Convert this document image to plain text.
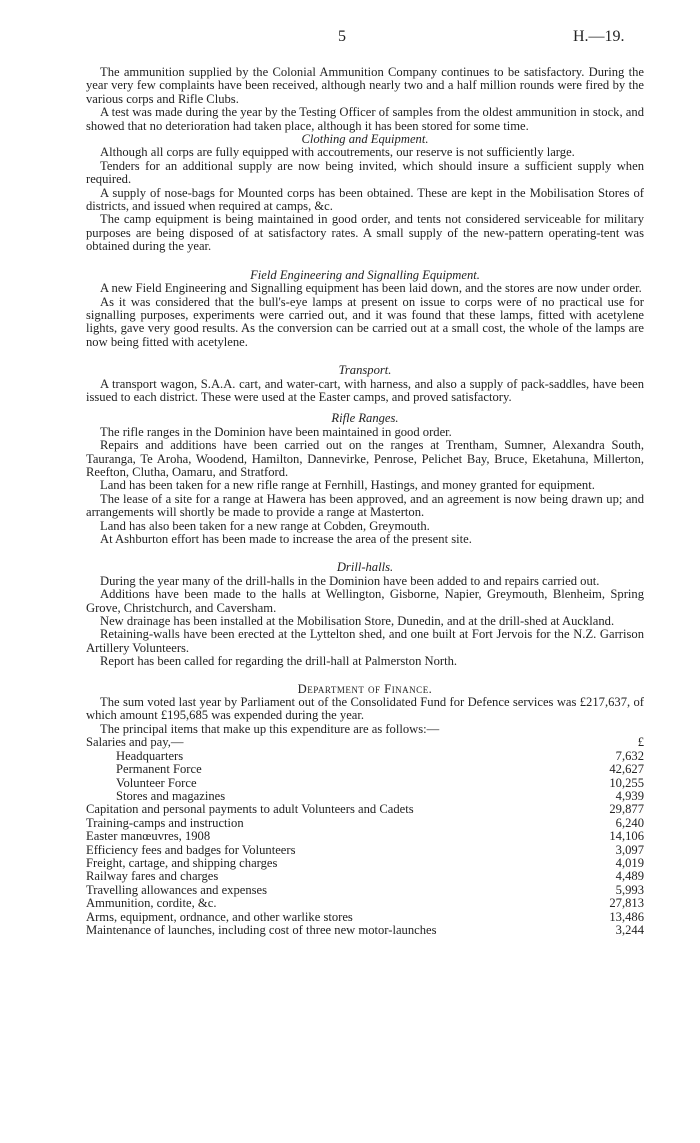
5	H.—19.

The ammunition supplied by the Colonial Ammunition Company continues to be satisfactory. During the year very few complaints have been received, although nearly two and a half million rounds were fired by the various corps and Rifle Clubs.

A test was made during the year by the Testing Officer of samples from the oldest ammunition in stock, and showed that no deterioration had taken place, although it has been stored for some time.

Clothing and Equipment.

Although all corps are fully equipped with accoutrements, our reserve is not sufficiently large.

Tenders for an additional supply are now being invited, which should insure a sufficient supply when required.

A supply of nose-bags for Mounted corps has been obtained. These are kept in the Mobilisation Stores of districts, and issued when required at camps, &c.

The camp equipment is being maintained in good order, and tents not considered serviceable for military purposes are being disposed of at satisfactory rates. A small supply of the new-pattern operating-tent was obtained during the year.

Field Engineering and Signalling Equipment.

A new Field Engineering and Signalling equipment has been laid down, and the stores are now under order.

As it was considered that the bull's-eye lamps at present on issue to corps were of no practical use for signalling purposes, experiments were carried out, and it was found that these lamps, fitted with acetylene lights, gave very good results. As the conversion can be carried out at a small cost, the whole of the lamps are now being fitted with acetylene.

Transport.

A transport wagon, S.A.A. cart, and water-cart, with harness, and also a supply of pack-saddles, have been issued to each district. These were used at the Easter camps, and proved satisfactory.

Rifle Ranges.

The rifle ranges in the Dominion have been maintained in good order.

Repairs and additions have been carried out on the ranges at Trentham, Sumner, Alexandra South, Tauranga, Te Aroha, Woodend, Hamilton, Dannevirke, Penrose, Pelichet Bay, Bruce, Eketahuna, Millerton, Reefton, Clutha, Oamaru, and Stratford.

Land has been taken for a new rifle range at Fernhill, Hastings, and money granted for equipment.

The lease of a site for a range at Hawera has been approved, and an agreement is now being drawn up; and arrangements will shortly be made to provide a range at Masterton.

Land has also been taken for a new range at Cobden, Greymouth.

At Ashburton effort has been made to increase the area of the present site.

Drill-halls.

During the year many of the drill-halls in the Dominion have been added to and repairs carried out.

Additions have been made to the halls at Wellington, Gisborne, Napier, Greymouth, Blenheim, Spring Grove, Christchurch, and Caversham.

New drainage has been installed at the Mobilisation Store, Dunedin, and at the drill-shed at Auckland.

Retaining-walls have been erected at the Lyttelton shed, and one built at Fort Jervois for the N.Z. Garrison Artillery Volunteers.

Report has been called for regarding the drill-hall at Palmerston North.

Department of Finance.

The sum voted last year by Parliament out of the Consolidated Fund for Defence services was £217,637, of which amount £195,685 was expended during the year.

The principal items that make up this expenditure are as follows:—

Salaries and pay,—	£
Headquarters	7,632
Permanent Force	42,627
Volunteer Force	10,255
Stores and magazines	4,939
Capitation and personal payments to adult Volunteers and Cadets	29,877
Training-camps and instruction	6,240
Easter manœuvres, 1908	14,106
Efficiency fees and badges for Volunteers	3,097
Freight, cartage, and shipping charges	4,019
Railway fares and charges	4,489
Travelling allowances and expenses	5,993
Ammunition, cordite, &c.	27,813
Arms, equipment, ordnance, and other warlike stores	13,486
Maintenance of launches, including cost of three new motor-launches	3,244
